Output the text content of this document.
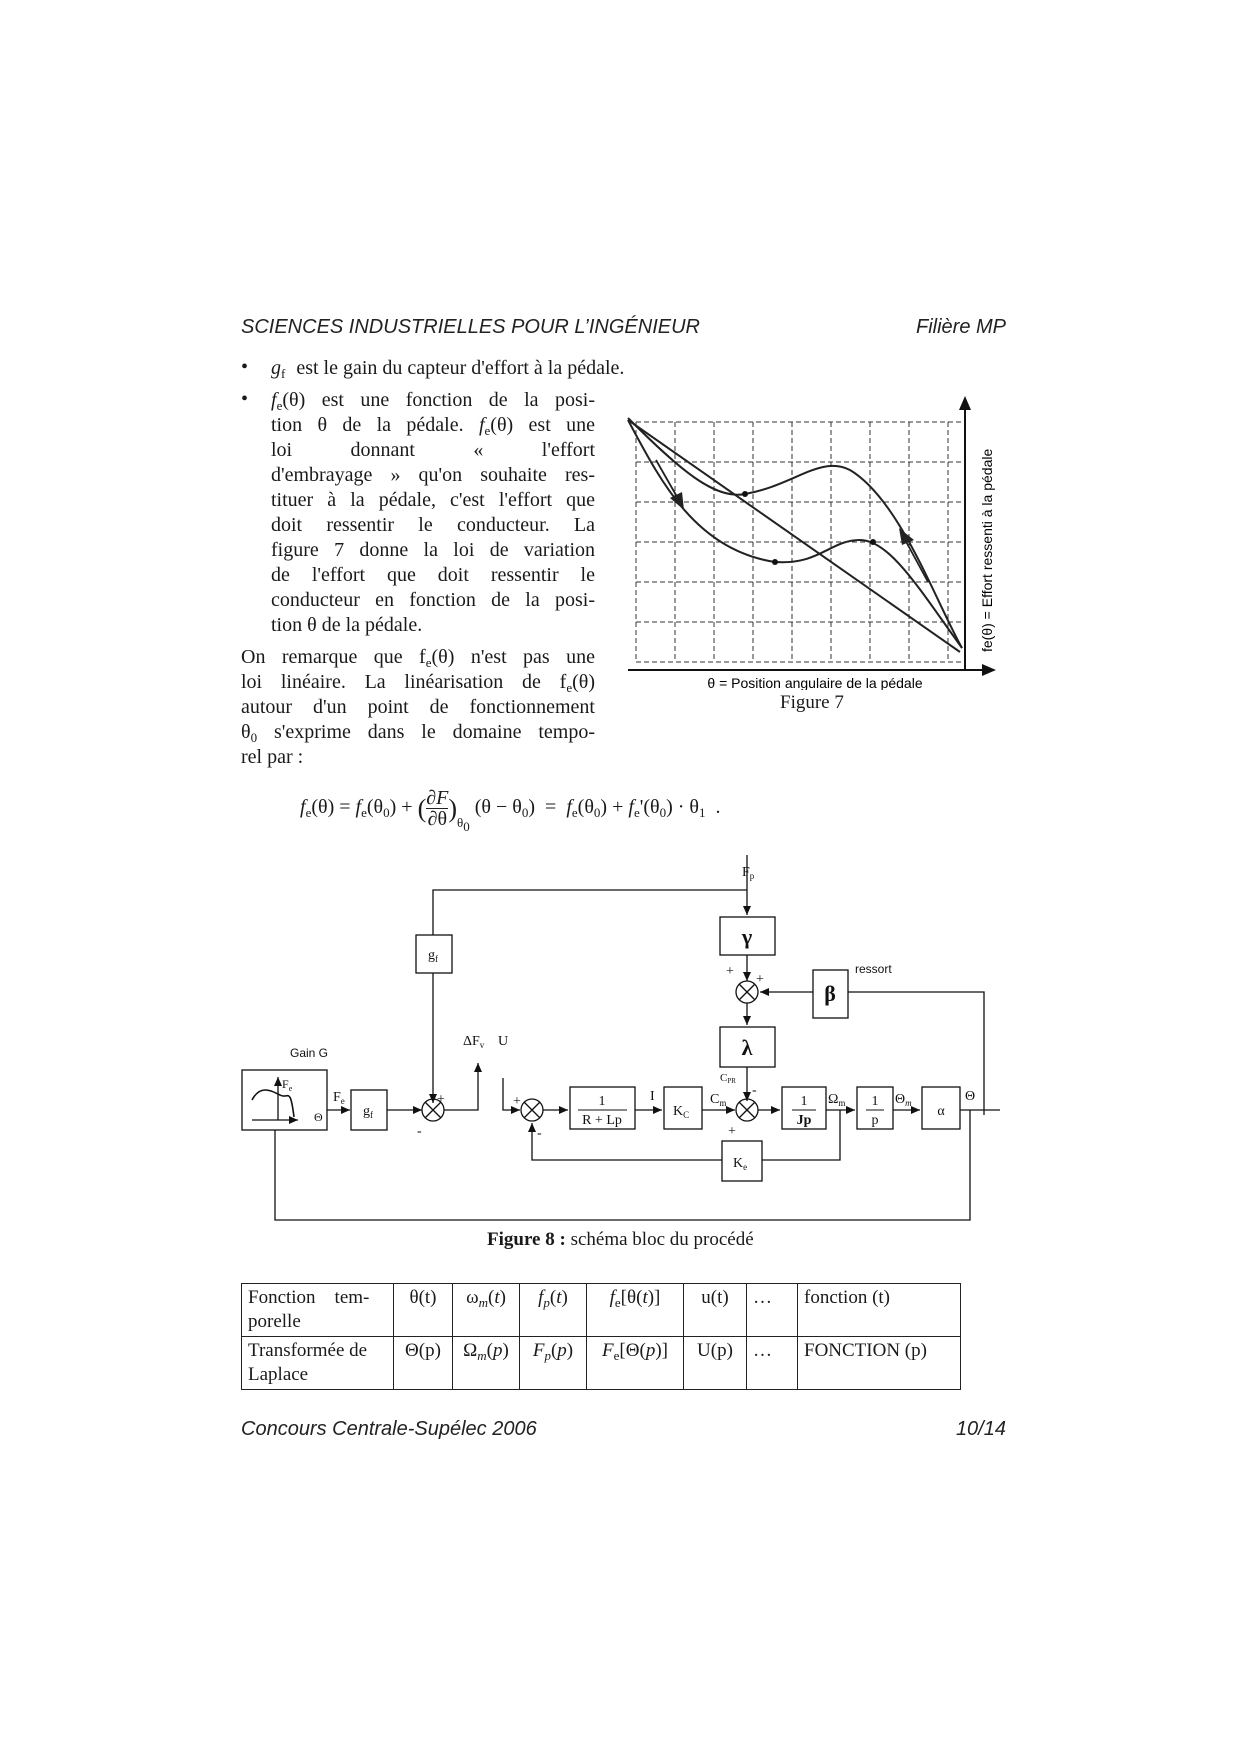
SCIENCES INDUSTRIELLES POUR L’INGÉNIEUR	Filière MP
• $g_f$ est le gain du capteur d'effort à la pédale.
• $f_e(\theta)$ est une fonction de la posi-
tion θ de la pédale. $f_e(\theta)$ est une
loi donnant « l'effort
d'embrayage » qu'on souhaite res-
tituer à la pédale, c'est l'effort que
doit ressentir le conducteur. La
figure 7 donne la loi de variation
de l'effort que doit ressentir le
conducteur en fonction de la posi-
tion θ de la pédale.
On remarque que $f_e(\theta)$ n'est pas une
loi linéaire. La linéarisation de $f_e(\theta)$
autour d'un point de fonctionnement
$\theta_0$ s'exprime dans le domaine tempo-
rel par :
θ = Position angulaire de la pédale
fe(θ) = Effort ressenti à la pédale
Figure 7
$f_e(\theta) = f_e(\theta_0)$ + ( $\frac{\partial F}{\partial\theta} )_{\theta_0}$ $(\theta - \theta_0) = f_e(\theta_0) + f_e'(\theta_0) \cdot \theta_1$  .
$F_p$
γ
β
ressort
λ
+
+
$g_f$
Gain G
$F_e$
Θ
$F_e$
$g_f$
-
+
$\Delta F_v$ U
+
-
1
R + Lp
I
$K_C$
$C_m$
CPR
-
+
1
Jp
$\Omega_m$ 1
p
$\Theta_m$
α
Θ
$K_e$
Figure 8 : schéma bloc du procédé
Fonction    tem-
porelle	θ(t)	$\omega_m(t)$	$f_p(t)$	$f_e[\theta(t)]$	u(t)	…	fonction (t)
Transformée de
Laplace	Θ(p)	$\Omega_m(p)$	$F_p(p)$	$F_e[\Theta(p)]$	U(p)	…	FONCTION (p)
Concours Centrale-Supélec 2006	10/14
